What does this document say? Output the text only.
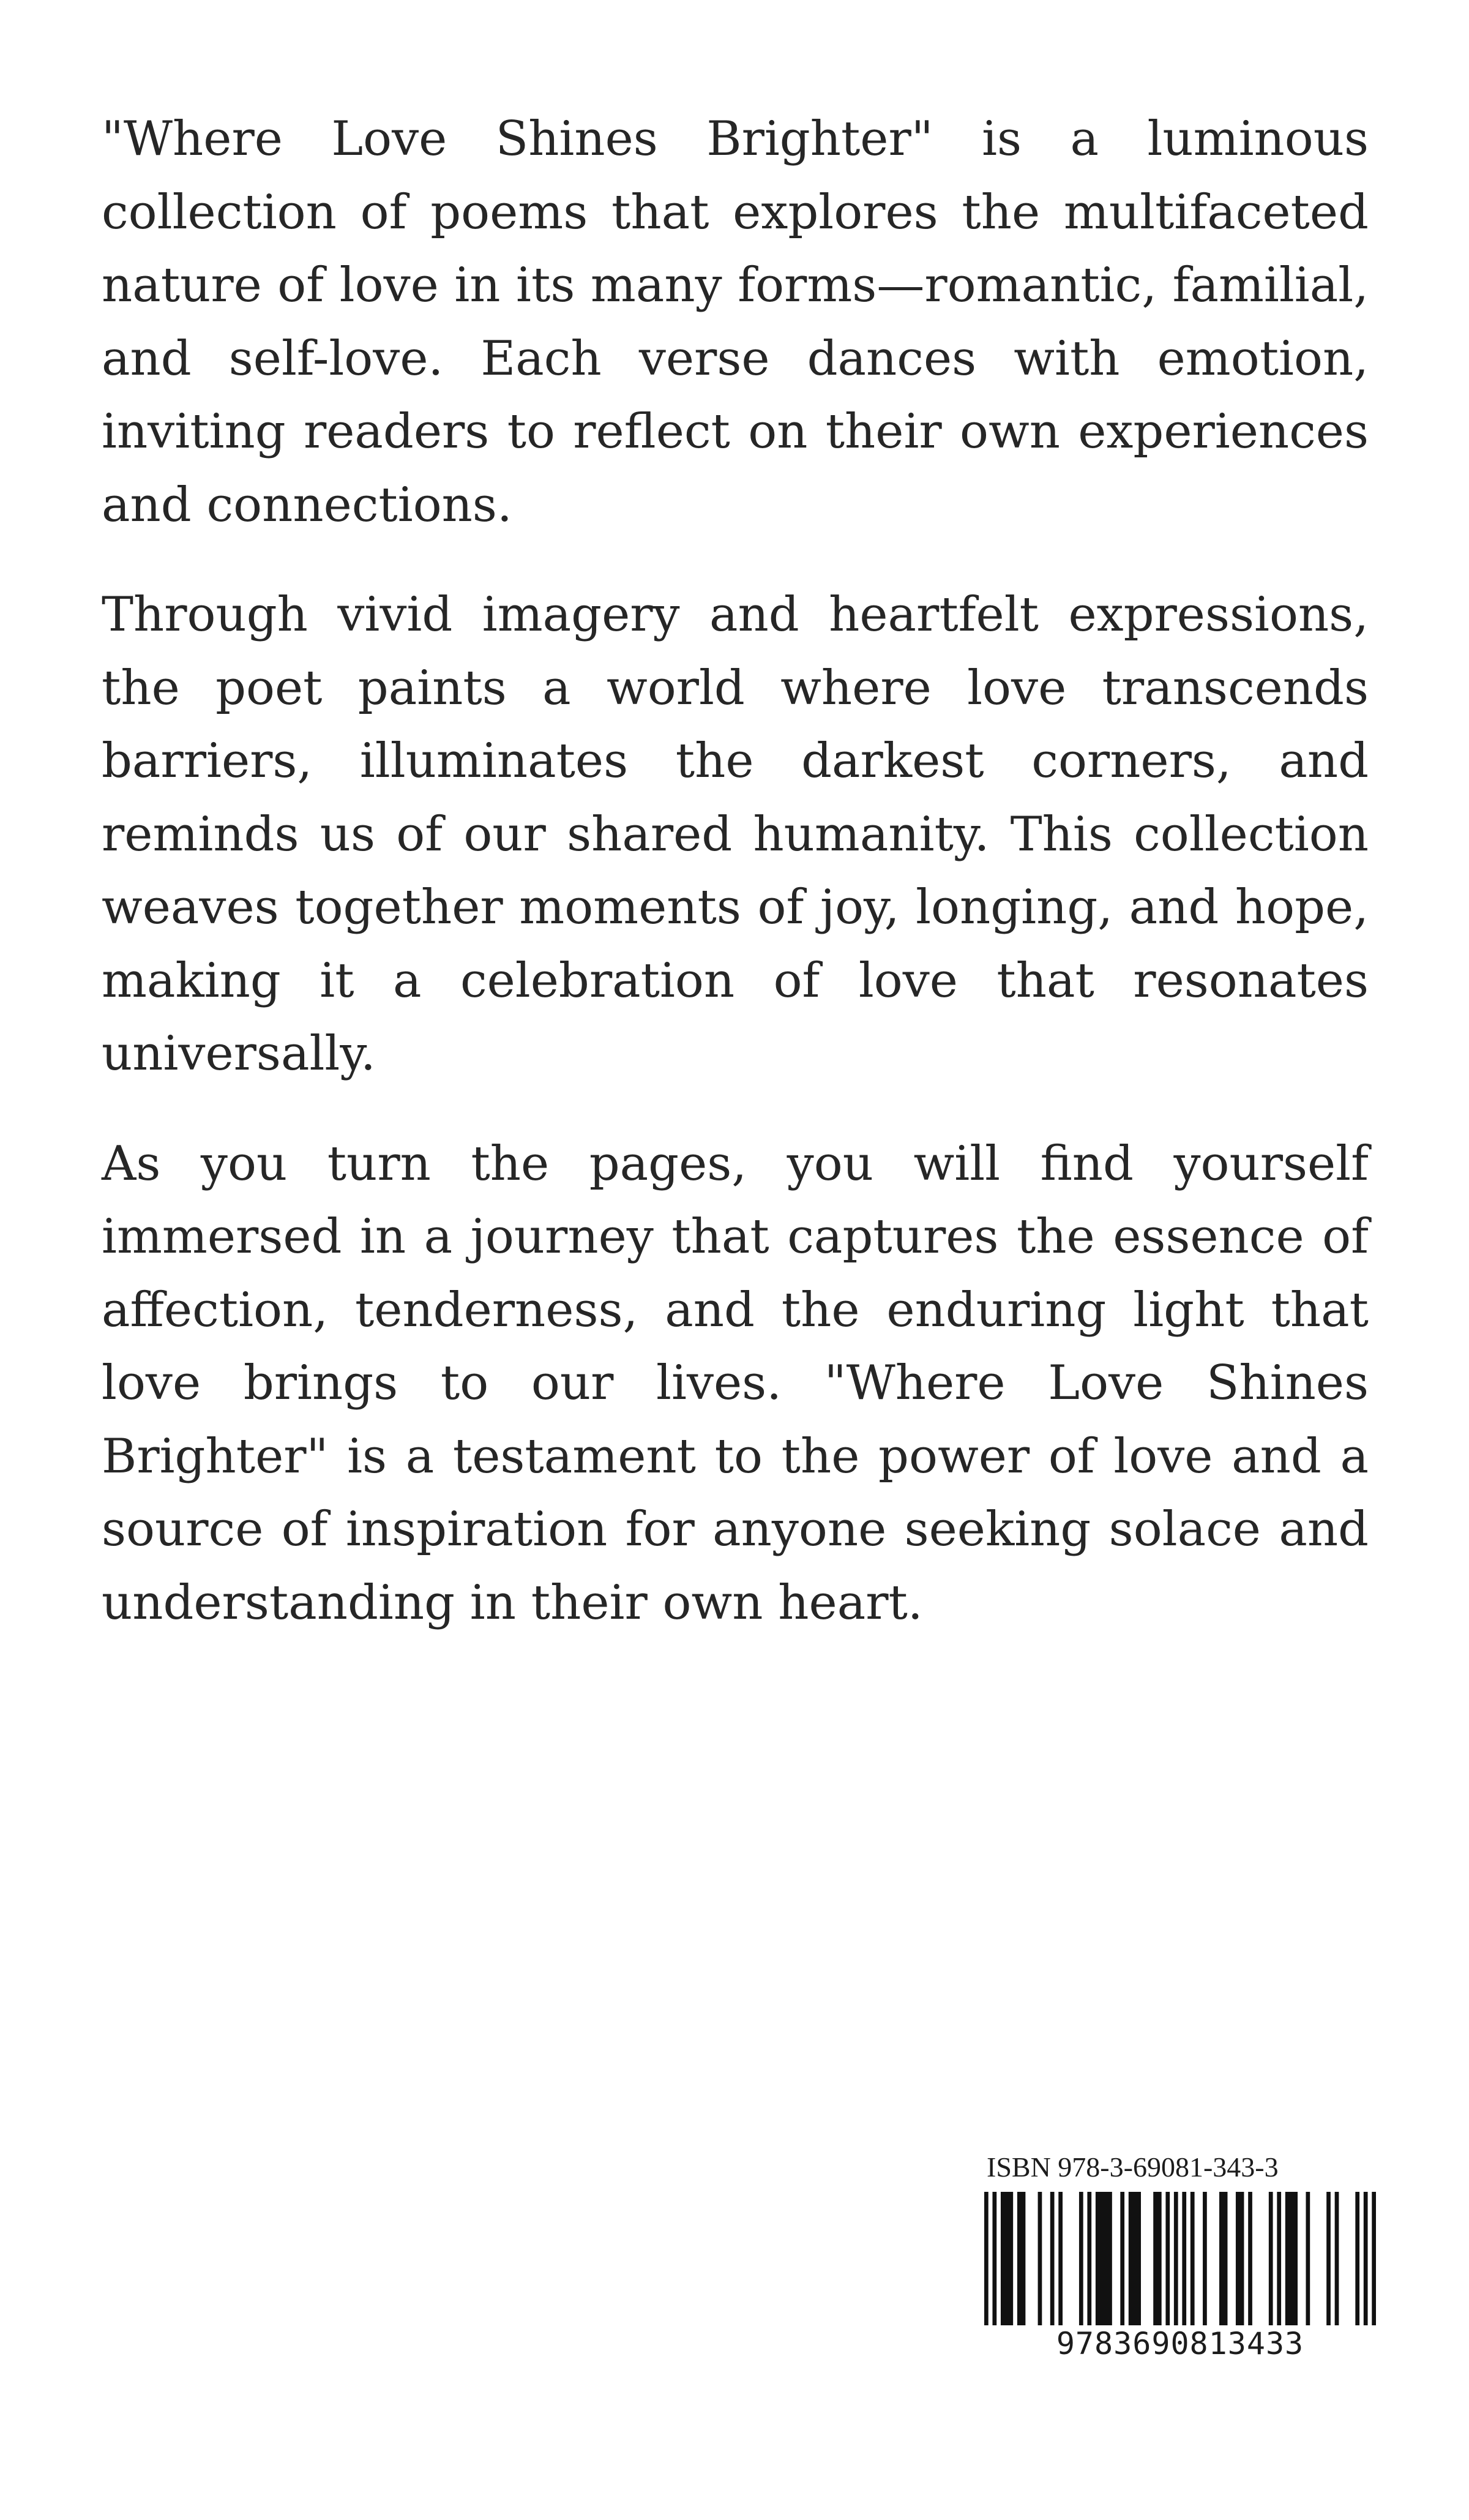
"Where Love Shines Brighter" is a luminous collection of poems that explores the multifaceted nature of love in its many forms—romantic, familial, and self-love. Each verse dances with emotion, inviting readers to reflect on their own experiences and connections.

Through vivid imagery and heartfelt expressions, the poet paints a world where love transcends barriers, illuminates the darkest corners, and reminds us of our shared humanity. This collection weaves together moments of joy, longing, and hope, making it a celebration of love that resonates universally.

As you turn the pages, you will find yourself immersed in a journey that captures the essence of affection, tenderness, and the enduring light that love brings to our lives. "Where Love Shines Brighter" is a testament to the power of love and a source of inspiration for anyone seeking solace and understanding in their own heart.

ISBN 978-3-69081-343-3
9783690813433
